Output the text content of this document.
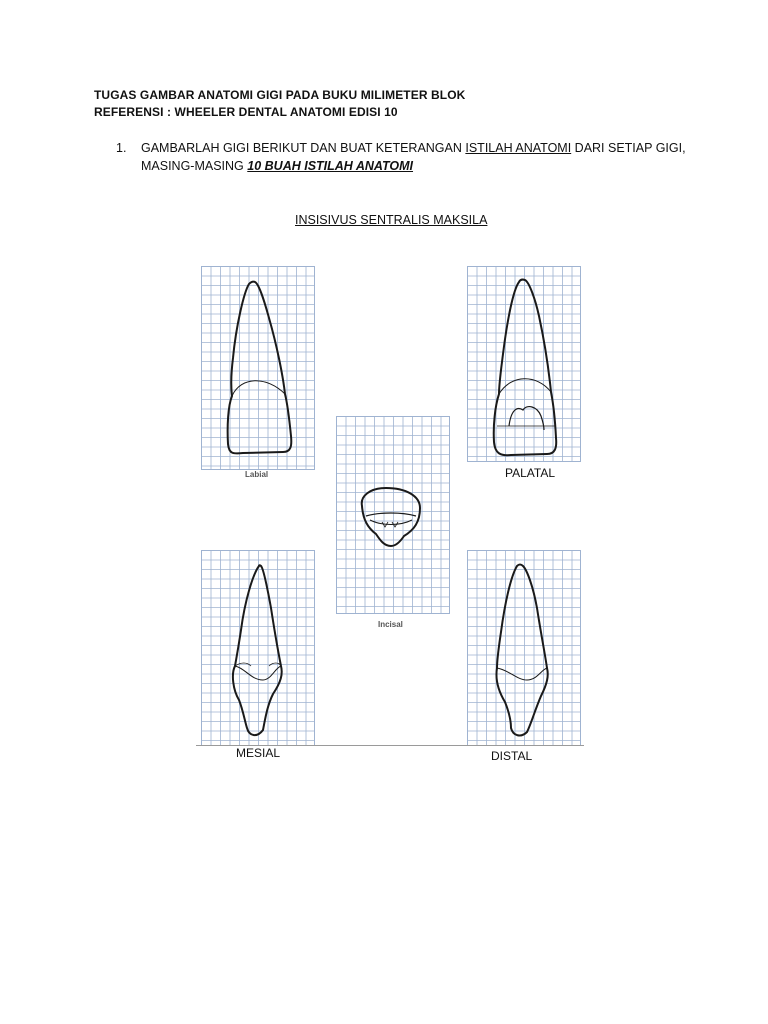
TUGAS GAMBAR ANATOMI GIGI PADA BUKU MILIMETER BLOK
REFERENSI : WHEELER DENTAL ANATOMI EDISI 10
1. GAMBARLAH GIGI BERIKUT DAN BUAT KETERANGAN ISTILAH ANATOMI DARI SETIAP GIGI,
MASING-MASING 10 BUAH ISTILAH ANATOMI
INSISIVUS SENTRALIS MAKSILA
Labial	PALATAL
Incisal
MESIAL	DISTAL
